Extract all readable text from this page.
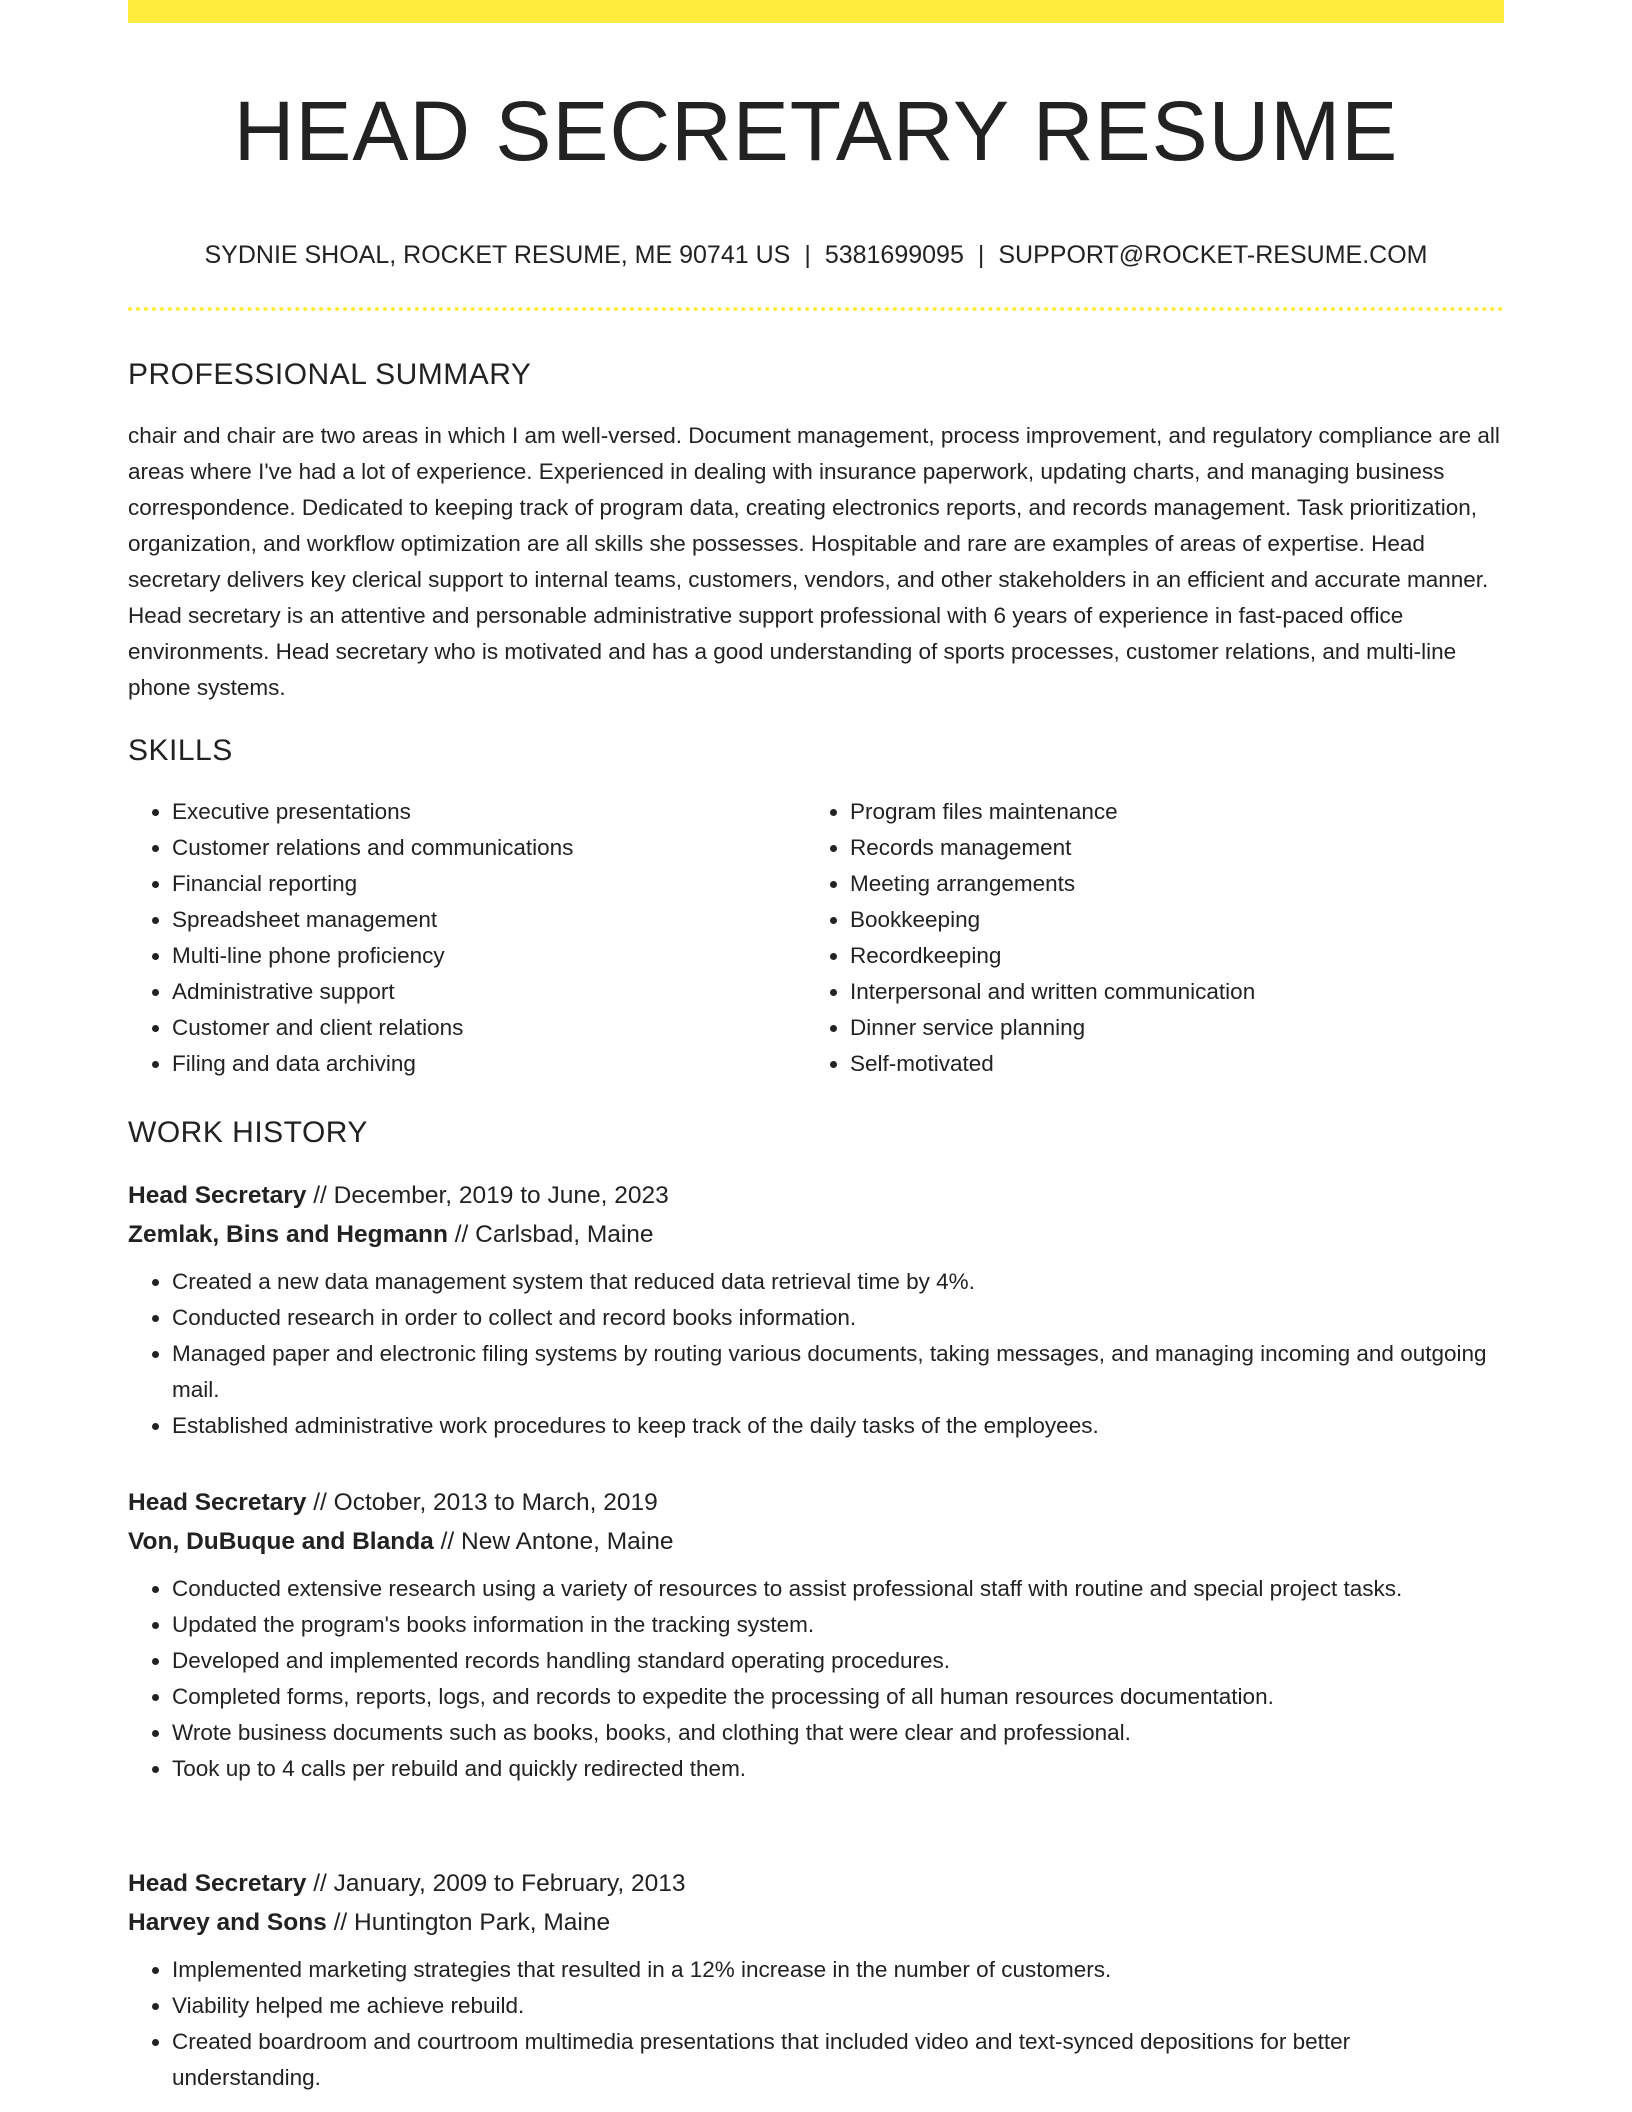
HEAD SECRETARY RESUME
SYDNIE SHOAL, ROCKET RESUME, ME 90741 US | 5381699095 | SUPPORT@ROCKET-RESUME.COM
PROFESSIONAL SUMMARY

chair and chair are two areas in which I am well-versed. Document management, process improvement, and regulatory compliance are all areas where I've had a lot of experience. Experienced in dealing with insurance paperwork, updating charts, and managing business correspondence. Dedicated to keeping track of program data, creating electronics reports, and records management. Task prioritization, organization, and workflow optimization are all skills she possesses. Hospitable and rare are examples of areas of expertise. Head secretary delivers key clerical support to internal teams, customers, vendors, and other stakeholders in an efficient and accurate manner. Head secretary is an attentive and personable administrative support professional with 6 years of experience in fast-paced office environments. Head secretary who is motivated and has a good understanding of sports processes, customer relations, and multi-line phone systems.

SKILLS
• Executive presentations
• Customer relations and communications
• Financial reporting
• Spreadsheet management
• Multi-line phone proficiency
• Administrative support
• Customer and client relations
• Filing and data archiving
• Program files maintenance
• Records management
• Meeting arrangements
• Bookkeeping
• Recordkeeping
• Interpersonal and written communication
• Dinner service planning
• Self-motivated
WORK HISTORY

Head Secretary // December, 2019 to June, 2023

Zemlak, Bins and Hegmann // Carlsbad, Maine

• Created a new data management system that reduced data retrieval time by 4%.
• Conducted research in order to collect and record books information.
• Managed paper and electronic filing systems by routing various documents, taking messages, and managing incoming and outgoing mail.
• Established administrative work procedures to keep track of the daily tasks of the employees.

Head Secretary // October, 2013 to March, 2019

Von, DuBuque and Blanda // New Antone, Maine

• Conducted extensive research using a variety of resources to assist professional staff with routine and special project tasks.
• Updated the program's books information in the tracking system.
• Developed and implemented records handling standard operating procedures.
• Completed forms, reports, logs, and records to expedite the processing of all human resources documentation.
• Wrote business documents such as books, books, and clothing that were clear and professional.
• Took up to 4 calls per rebuild and quickly redirected them.

Head Secretary // January, 2009 to February, 2013

Harvey and Sons // Huntington Park, Maine

• Implemented marketing strategies that resulted in a 12% increase in the number of customers.
• Viability helped me achieve rebuild.
• Created boardroom and courtroom multimedia presentations that included video and text-synced depositions for better understanding.
